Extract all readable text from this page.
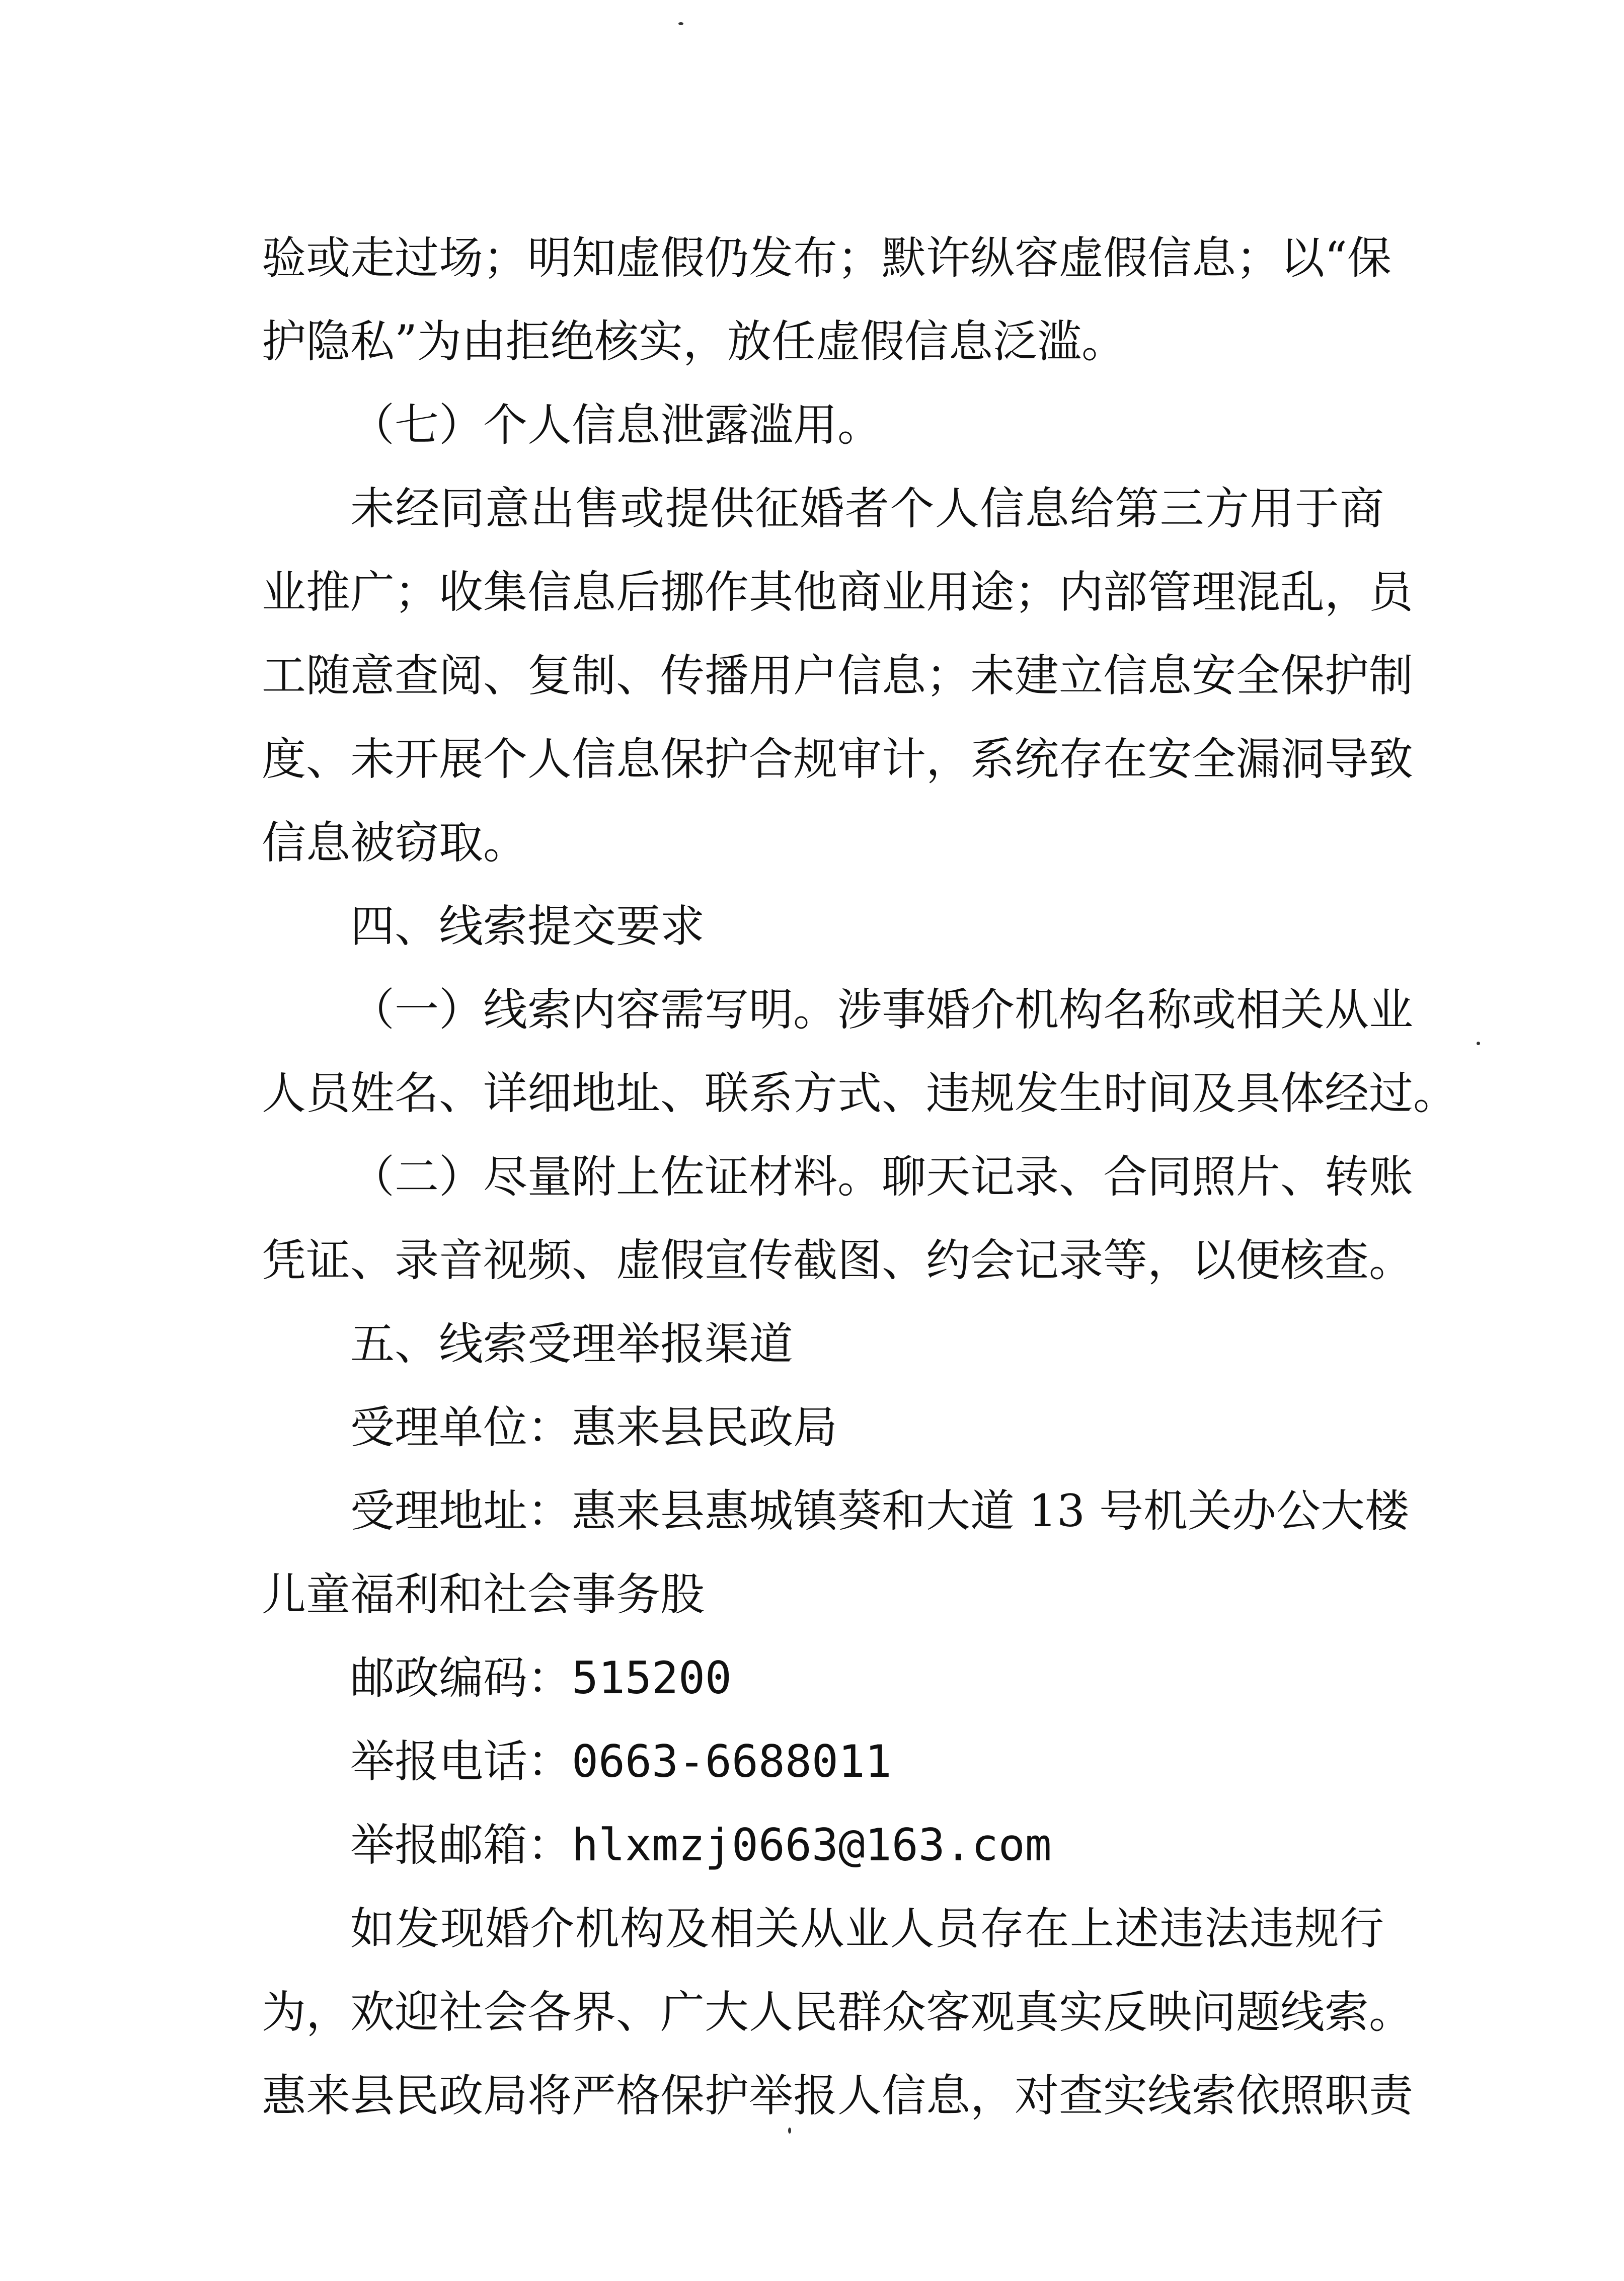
验或走过场；明知虚假仍发布；默许纵容虚假信息；以“保
护隐私”为由拒绝核实，放任虚假信息泛滥。
（七）个人信息泄露滥用。
未经同意出售或提供征婚者个人信息给第三方用于商
业推广；收集信息后挪作其他商业用途；内部管理混乱，员
工随意查阅、复制、传播用户信息；未建立信息安全保护制
度、未开展个人信息保护合规审计，系统存在安全漏洞导致
信息被窃取。
四、线索提交要求
（一）线索内容需写明。涉事婚介机构名称或相关从业
人员姓名、详细地址、联系方式、违规发生时间及具体经过。
（二）尽量附上佐证材料。聊天记录、合同照片、转账
凭证、录音视频、虚假宣传截图、约会记录等，以便核查。
五、线索受理举报渠道
受理单位：惠来县民政局
受理地址：惠来县惠城镇葵和大道 13 号机关办公大楼
儿童福利和社会事务股
邮政编码：515200
举报电话：0663-6688011
举报邮箱：hlxmzj0663@163.com
如发现婚介机构及相关从业人员存在上述违法违规行
为，欢迎社会各界、广大人民群众客观真实反映问题线索。
惠来县民政局将严格保护举报人信息，对查实线索依照职责
